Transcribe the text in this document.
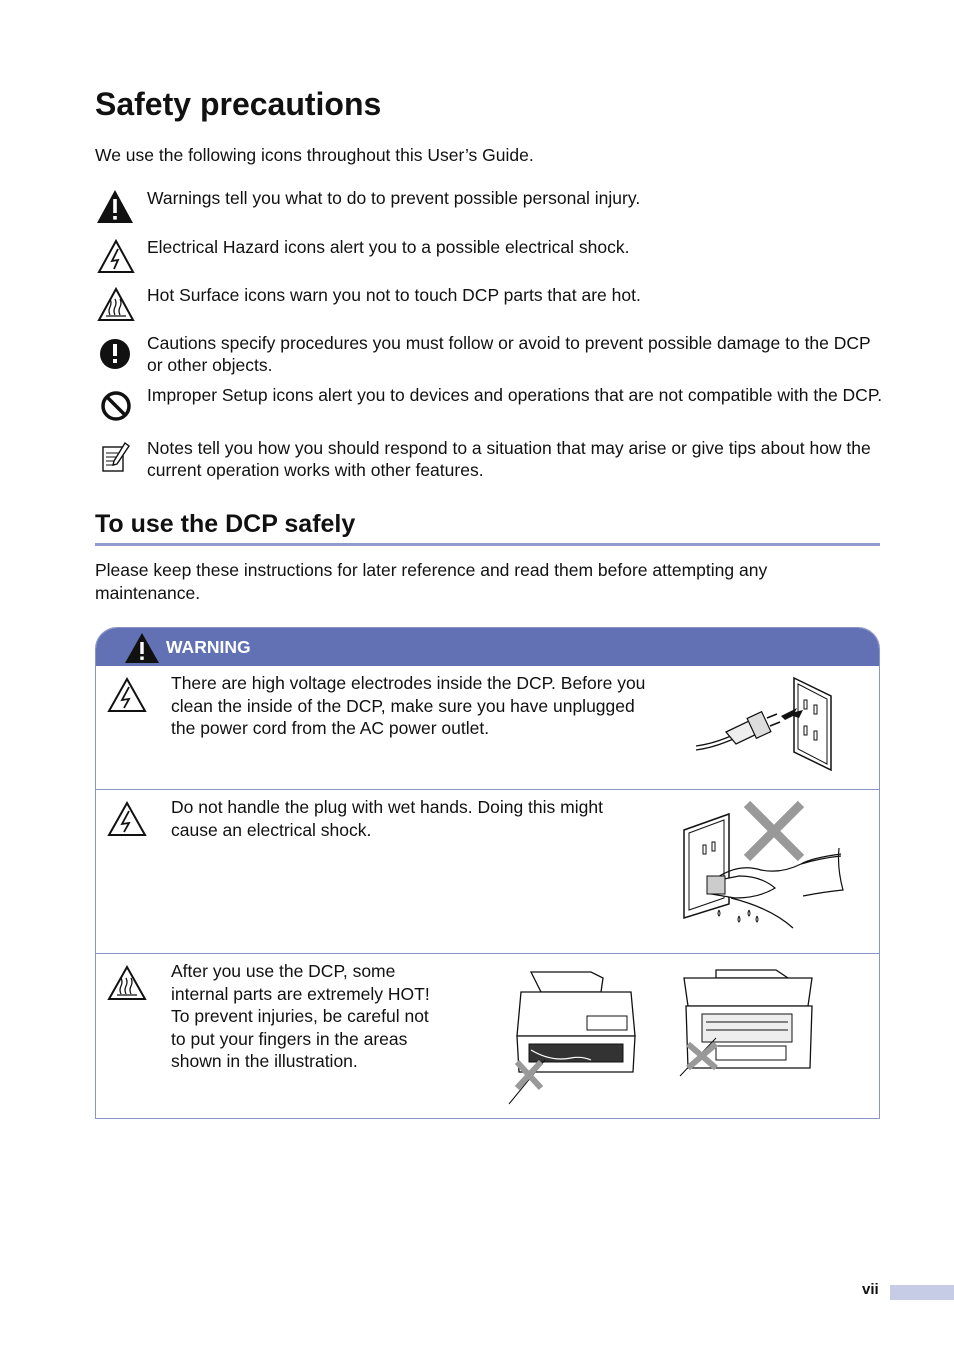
Safety precautions
We use the following icons throughout this User’s Guide.
Warnings tell you what to do to prevent possible personal injury.
Electrical Hazard icons alert you to a possible electrical shock.
Hot Surface icons warn you not to touch DCP parts that are hot.
Cautions specify procedures you must follow or avoid to prevent possible damage to the DCP or other objects.
Improper Setup icons alert you to devices and operations that are not compatible with the DCP.
Notes tell you how you should respond to a situation that may arise or give tips about how the current operation works with other features.
To use the DCP safely
Please keep these instructions for later reference and read them before attempting any maintenance.
WARNING
There are high voltage electrodes inside the DCP. Before you clean the inside of the DCP, make sure you have unplugged the power cord from the AC power outlet.
Do not handle the plug with wet hands. Doing this might cause an electrical shock.
After you use the DCP, some internal parts are extremely HOT!
To prevent injuries, be careful not to put your fingers in the areas shown in the illustration.
vii
